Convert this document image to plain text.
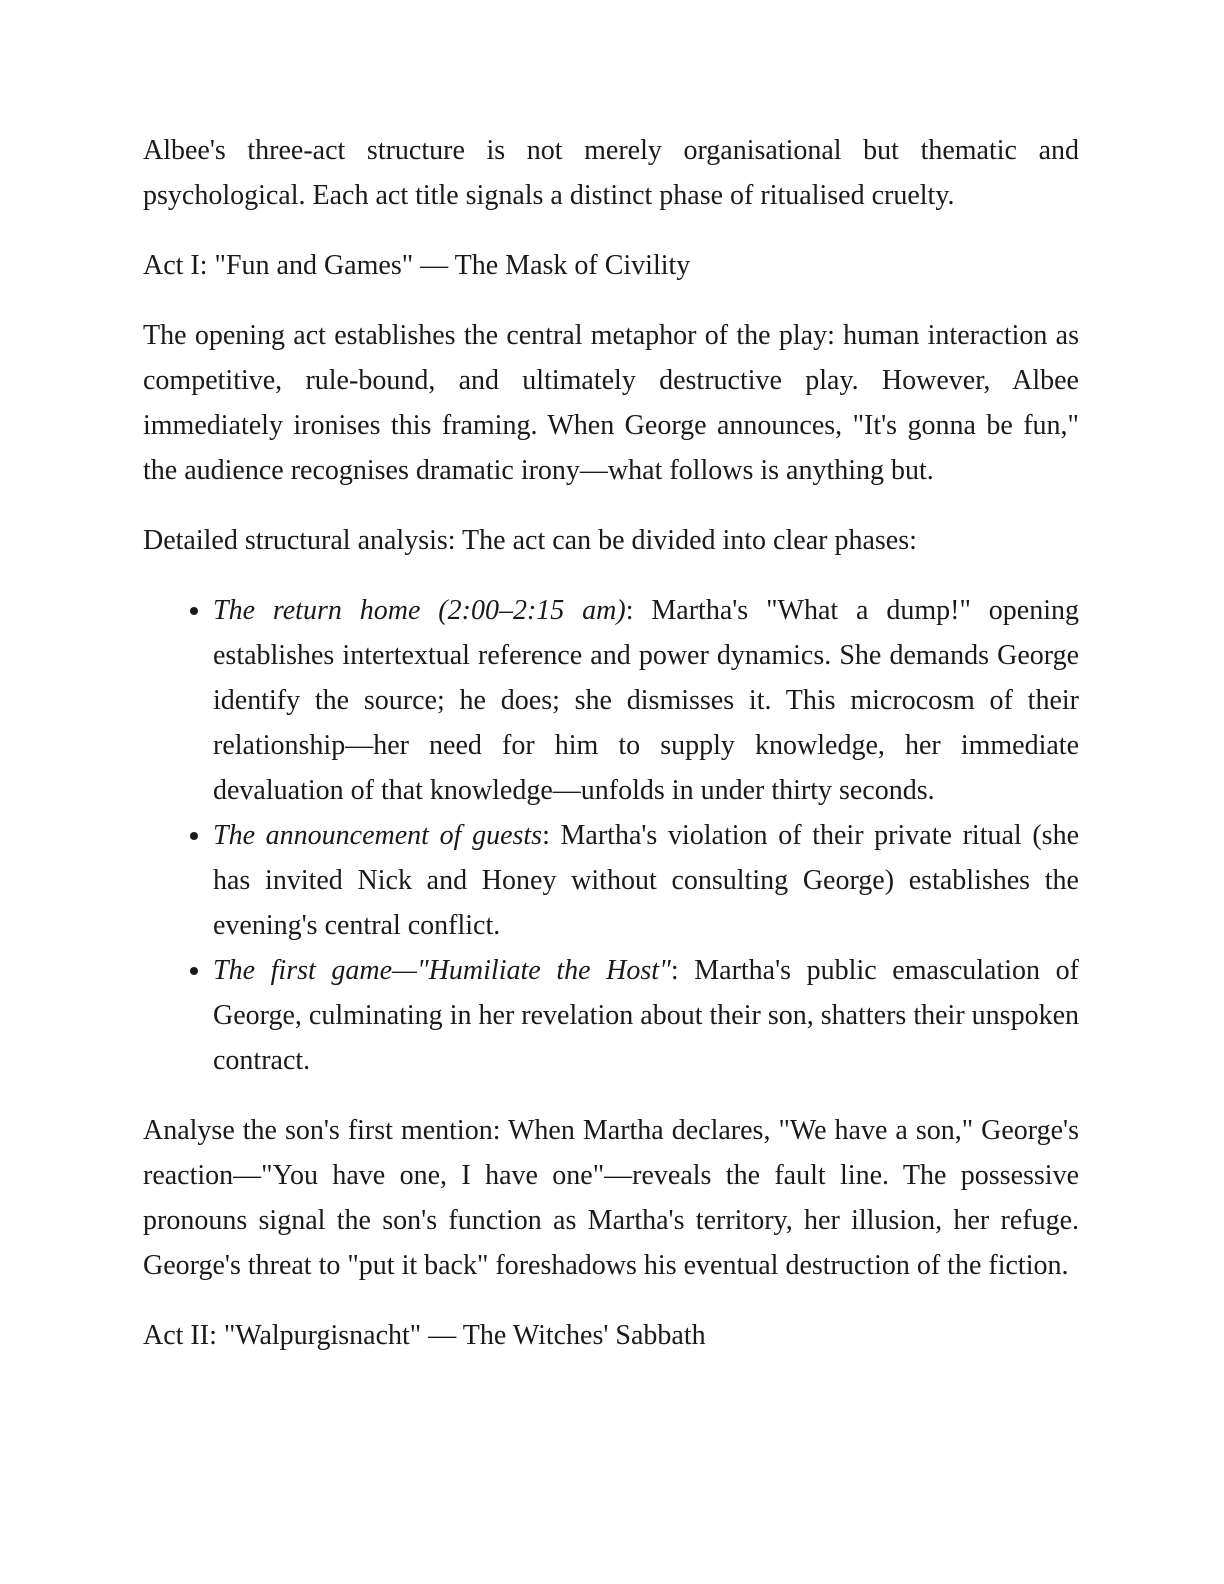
Albee's three-act structure is not merely organisational but thematic and psychological. Each act title signals a distinct phase of ritualised cruelty.

Act I: "Fun and Games" — The Mask of Civility

The opening act establishes the central metaphor of the play: human interaction as competitive, rule-bound, and ultimately destructive play. However, Albee immediately ironises this framing. When George announces, "It's gonna be fun," the audience recognises dramatic irony—what follows is anything but.

Detailed structural analysis: The act can be divided into clear phases:

• The return home (2:00–2:15 am): Martha's "What a dump!" opening establishes intertextual reference and power dynamics. She demands George identify the source; he does; she dismisses it. This microcosm of their relationship—her need for him to supply knowledge, her immediate devaluation of that knowledge—unfolds in under thirty seconds.
• The announcement of guests: Martha's violation of their private ritual (she has invited Nick and Honey without consulting George) establishes the evening's central conflict.
• The first game—"Humiliate the Host": Martha's public emasculation of George, culminating in her revelation about their son, shatters their unspoken contract.

Analyse the son's first mention: When Martha declares, "We have a son," George's reaction—"You have one, I have one"—reveals the fault line. The possessive pronouns signal the son's function as Martha's territory, her illusion, her refuge. George's threat to "put it back" foreshadows his eventual destruction of the fiction.

Act II: "Walpurgisnacht" — The Witches' Sabbath
